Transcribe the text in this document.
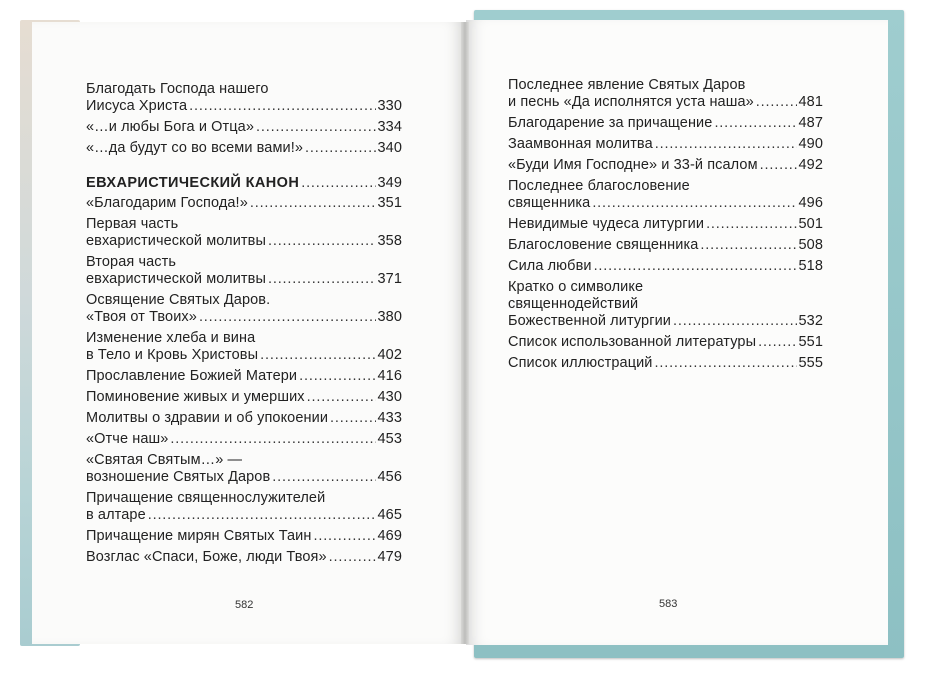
Благодать Господа нашего
Иисуса Христа . . .	330
«…и любы Бога и Отца» . . .	334
«…да будут со во всеми вами!» . . .	340
ЕВХАРИСТИЧЕСКИЙ КАНОН . . .	349
«Благодарим Господа!» . . .	351
Первая часть
евхаристической молитвы . . .	358
Вторая часть
евхаристической молитвы . . .	371
Освящение Святых Даров.
«Твоя от Твоих» . . .	380
Изменение хлеба и вина
в Тело и Кровь Христовы . . .	402
Прославление Божией Матери . . .	416
Поминовение живых и умерших . . .	430
Молитвы о здравии и об упокоении . . .	433
«Отче наш» . . .	453
«Святая Святым…» —
возношение Святых Даров . . .	456
Причащение священнослужителей
в алтаре . . .	465
Причащение мирян Святых Таин . . .	469
Возглас «Спаси, Боже, люди Твоя» . . .	479
Последнее явление Святых Даров
и песнь «Да исполнятся уста наша» . . .	481
Благодарение за причащение . . .	487
Заамвонная молитва . . .	490
«Буди Имя Господне» и 33-й псалом . . .	492
Последнее благословение
священника . . .	496
Невидимые чудеса литургии . . .	501
Благословение священника . . .	508
Сила любви . . .	518
Кратко о символике
священнодействий
Божественной литургии . . .	532
Список использованной литературы . . .	551
Список иллюстраций . . .	555
582	583
